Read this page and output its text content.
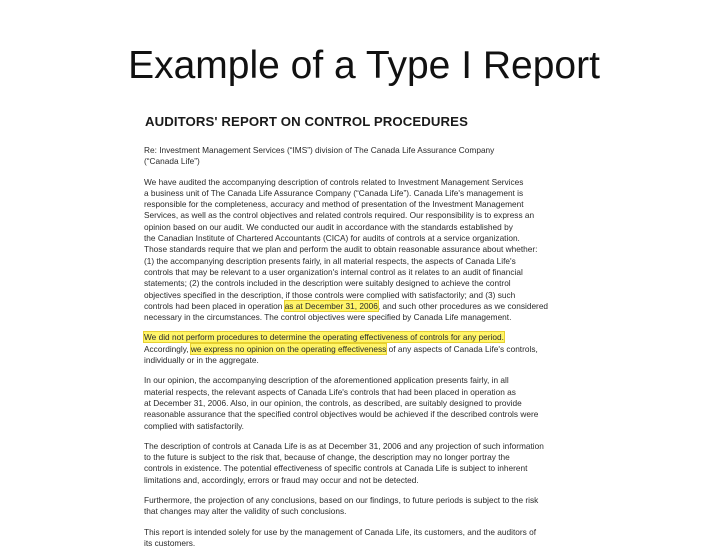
Example of a Type I Report
AUDITORS' REPORT ON CONTROL PROCEDURES
Re: Investment Management Services (“IMS”) division of The Canada Life Assurance Company
(“Canada Life”)
We have audited the accompanying description of controls related to Investment Management Services
a business unit of The Canada Life Assurance Company (“Canada Life”). Canada Life's management is
responsible for the completeness, accuracy and method of presentation of the Investment Management
Services, as well as the control objectives and related controls required. Our responsibility is to express an
opinion based on our audit. We conducted our audit in accordance with the standards established by
the Canadian Institute of Chartered Accountants (CICA) for audits of controls at a service organization.
Those standards require that we plan and perform the audit to obtain reasonable assurance about whether:
(1) the accompanying description presents fairly, in all material respects, the aspects of Canada Life's
controls that may be relevant to a user organization's internal control as it relates to an audit of financial
statements; (2) the controls included in the description were suitably designed to achieve the control
objectives specified in the description, if those controls were complied with satisfactorily; and (3) such
controls had been placed in operation as at December 31, 2006, and such other procedures as we considered
necessary in the circumstances. The control objectives were specified by Canada Life management.
We did not perform procedures to determine the operating effectiveness of controls for any period.
Accordingly, we express no opinion on the operating effectiveness of any aspects of Canada Life's controls,
individually or in the aggregate.
In our opinion, the accompanying description of the aforementioned application presents fairly, in all
material respects, the relevant aspects of Canada Life's controls that had been placed in operation as
at December 31, 2006. Also, in our opinion, the controls, as described, are suitably designed to provide
reasonable assurance that the specified control objectives would be achieved if the described controls were
complied with satisfactorily.
The description of controls at Canada Life is as at December 31, 2006 and any projection of such information
to the future is subject to the risk that, because of change, the description may no longer portray the
controls in existence. The potential effectiveness of specific controls at Canada Life is subject to inherent
limitations and, accordingly, errors or fraud may occur and not be detected.
Furthermore, the projection of any conclusions, based on our findings, to future periods is subject to the risk
that changes may alter the validity of such conclusions.
This report is intended solely for use by the management of Canada Life, its customers, and the auditors of
its customers.
